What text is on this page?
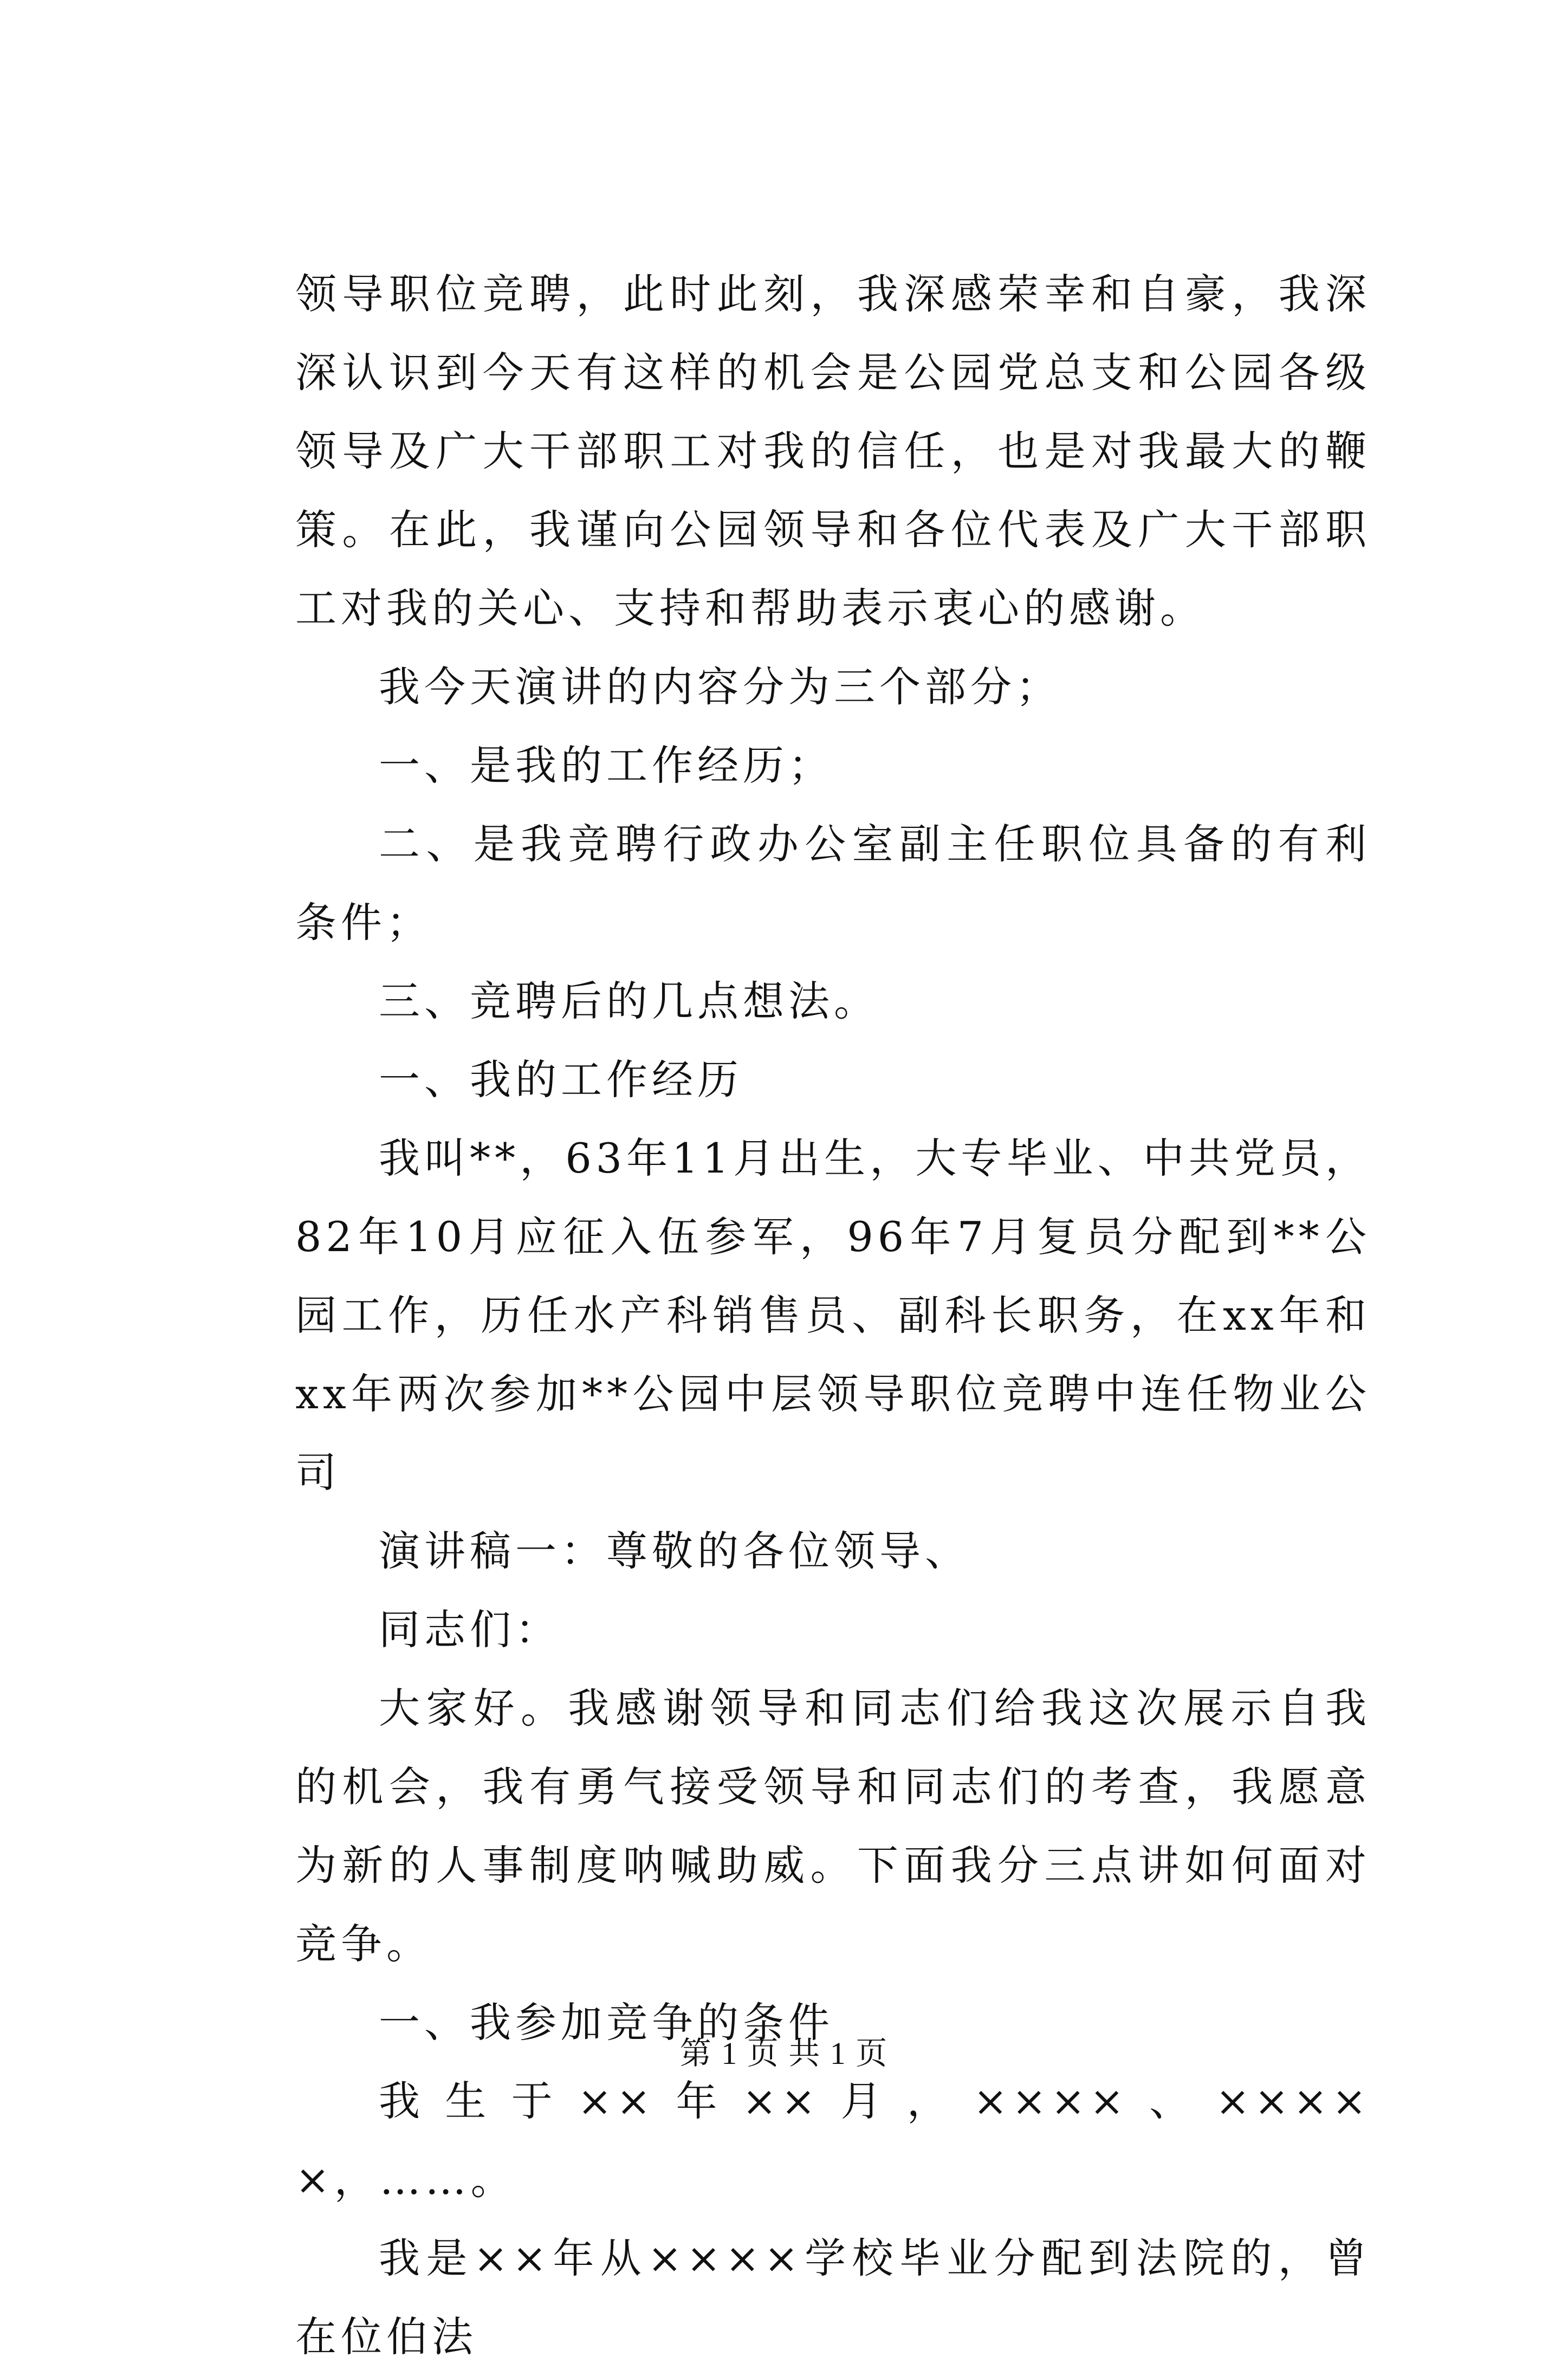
领导职位竞聘，此时此刻，我深感荣幸和自豪，我深深认识到今天有这样的机会是公园党总支和公园各级领导及广大干部职工对我的信任，也是对我最大的鞭策。在此，我谨向公园领导和各位代表及广大干部职工对我的关心、支持和帮助表示衷心的感谢。

我今天演讲的内容分为三个部分；

一、是我的工作经历；

二、是我竞聘行政办公室副主任职位具备的有利条件；

三、竞聘后的几点想法。

一、我的工作经历

我叫**，63年11月出生，大专毕业、中共党员，82年10月应征入伍参军，96年7月复员分配到**公园工作，历任水产科销售员、副科长职务，在xx年和xx年两次参加**公园中层领导职位竞聘中连任物业公司

演讲稿一：尊敬的各位领导、

同志们：

大家好。我感谢领导和同志们给我这次展示自我的机会，我有勇气接受领导和同志们的考查，我愿意为新的人事制度呐喊助威。下面我分三点讲如何面对竞争。

一、我参加竞争的条件

我生于××年××月，××××、×××××，……。

我是××年从××××学校毕业分配到法院的，曾在位伯法

第 1 页 共 1 页
